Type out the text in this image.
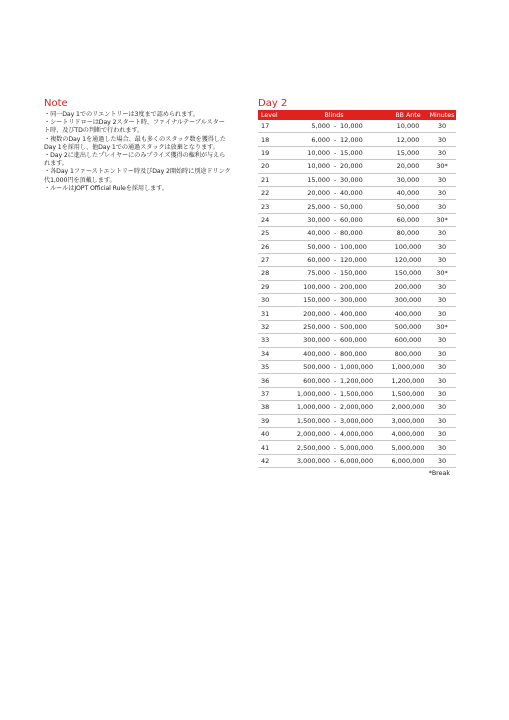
Note
・同一Day 1でのリエントリーは3度まで認められます。
・シートリドローはDay 2スタート時、ファイナルテーブルスター
ト時、及びTDの判断で行われます。
・複数のDay 1を通過した場合、最も多くのスタック数を獲得した
Day 1を採用し、他Day 1での通過スタックは放棄となります。
・Day 2に進出したプレイヤーにのみプライズ獲得の権利が与えら
れます。
・各Day 1ファーストエントリー時及びDay 2開始時に別途ドリンク
代1,000円を頂戴します。
・ルールはJOPT Official Ruleを採用します。
Day 2
Level	Blinds			BB Ante	Minutes
17	5,000	-	10,000	10,000	30
18	6,000	-	12,000	12,000	30
19	10,000	-	15,000	15,000	30
20	10,000	-	20,000	20,000	30*
21	15,000	-	30,000	30,000	30
22	20,000	-	40,000	40,000	30
23	25,000	-	50,000	50,000	30
24	30,000	-	60,000	60,000	30*
25	40,000	-	80,000	80,000	30
26	50,000	-	100,000	100,000	30
27	60,000	-	120,000	120,000	30
28	75,000	-	150,000	150,000	30*
29	100,000	-	200,000	200,000	30
30	150,000	-	300,000	300,000	30
31	200,000	-	400,000	400,000	30
32	250,000	-	500,000	500,000	30*
33	300,000	-	600,000	600,000	30
34	400,000	-	800,000	800,000	30
35	500,000	-	1,000,000	1,000,000	30
36	600,000	-	1,200,000	1,200,000	30
37	1,000,000	-	1,500,000	1,500,000	30
38	1,000,000	-	2,000,000	2,000,000	30
39	1,500,000	-	3,000,000	3,000,000	30
40	2,000,000	-	4,000,000	4,000,000	30
41	2,500,000	-	5,000,000	5,000,000	30
42	3,000,000	-	6,000,000	6,000,000	30
*Break
